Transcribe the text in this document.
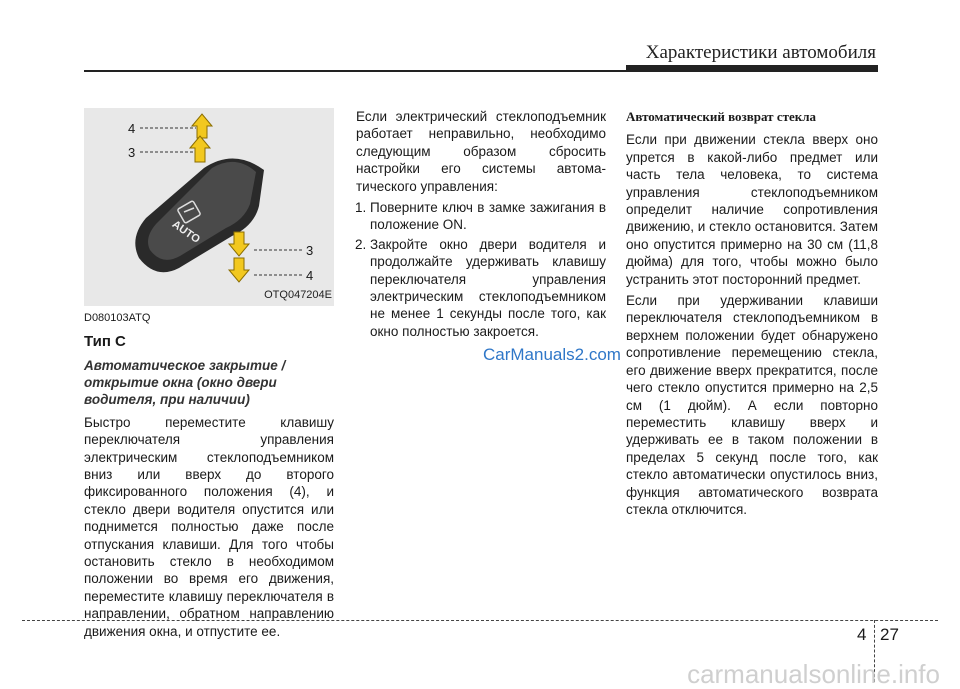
Характеристики автомобиля
4
3
3
4
AUTO
OTQ047204E
D080103ATQ
Тип C
Автоматическое закрытие / открытие окна (окно двери водителя, при наличии)

Быстро переместите клавишу переключателя управления электрическим стеклоподъемником вниз или вверх до второго фиксированного положения (4), и стекло двери водителя опустится или поднимется полностью даже после отпускания клавиши. Для того чтобы остановить стекло в необходимом положении во время его движения, переместите клавишу переключателя в направлении, обратном направлению движения окна, и отпустите ее.

Если электрический стеклоподъемник работает неправильно, необходимо следующим образом сбросить настройки его системы автома-тического управления:

1. Поверните ключ в замке зажигания в положение ON.
2. Закройте окно двери водителя и продолжайте удерживать клавишу переключателя управления электрическим стеклоподъемником не менее 1 секунды после того, как окно полностью закроется.
Автоматический возврат стекла

Если при движении стекла вверх оно упрется в какой-либо предмет или часть тела человека, то система управления стеклоподъемником определит наличие сопротивления движению, и стекло остановится. Затем оно опустится примерно на 30 см (11,8 дюйма) для того, чтобы можно было устранить этот посторонний предмет.

Если при удерживании клавиши переключателя стеклоподъемником в верхнем положении будет обнаружено сопротивление перемещению стекла, его движение вверх прекратится, после чего стекло опустится примерно на 2,5 см (1 дюйм). А если повторно переместить клавишу вверх и удерживать ее в таком положении в пределах 5 секунд после того, как стекло автоматически опустилось вниз, функция автоматического возврата стекла отключится.

CarManuals2.com
4 27
carmanualsonline.info
